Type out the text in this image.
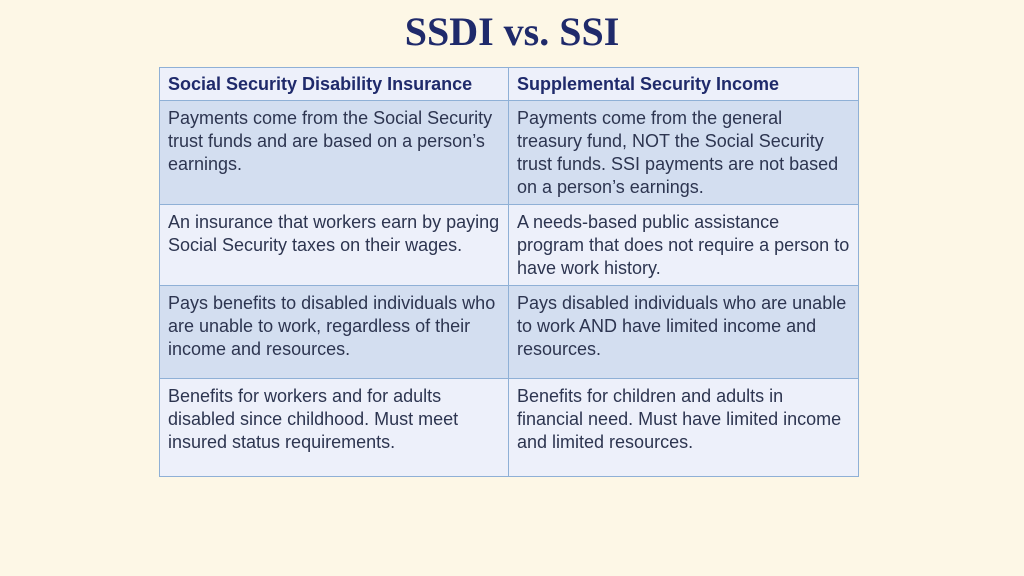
SSDI vs. SSI
Social Security Disability Insurance	Supplemental Security Income
Payments come from the Social Security trust funds and are based on a person’s earnings.	Payments come from the general treasury fund, NOT the Social Security trust funds. SSI payments are not based on a person’s earnings.
An insurance that workers earn by paying Social Security taxes on their wages.	A needs-based public assistance program that does not require a person to have work history.
Pays benefits to disabled individuals who are unable to work, regardless of their income and resources.	Pays disabled individuals who are unable to work AND have limited income and resources.
Benefits for workers and for adults disabled since childhood. Must meet insured status requirements.	Benefits for children and adults in financial need. Must have limited income and limited resources.
